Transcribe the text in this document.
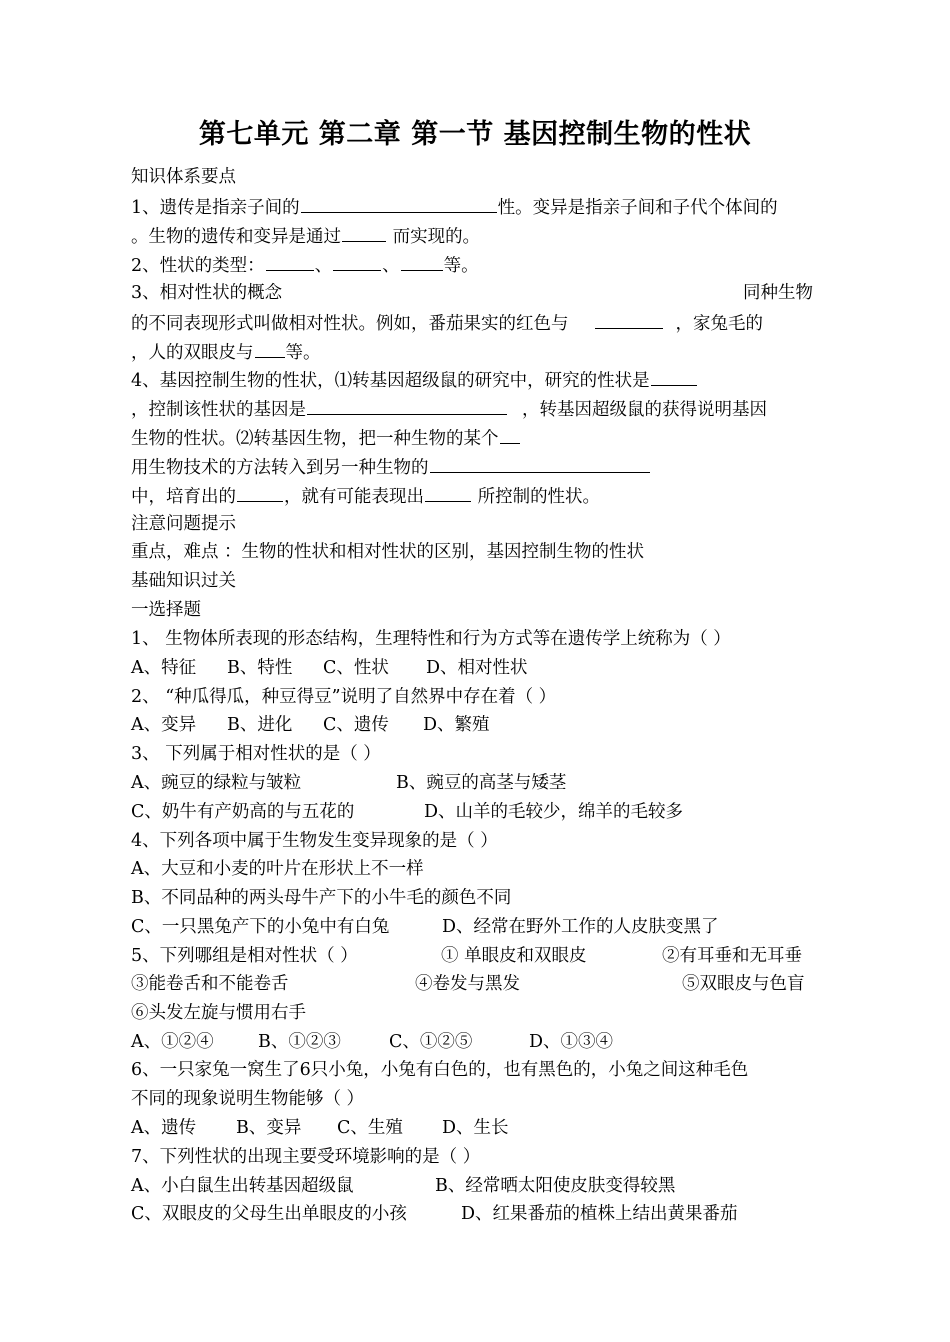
第七单元 第二章 第一节 基因控制生物的性状
知识体系要点
1、遗传是指亲子间的	性。变异是指亲子间和子代个体间的
。生物的遗传和变异是通过	而实现的。
2、性状的类型：	、	、	等。
3、相对性状的概念	同种生物
的不同表现形式叫做相对性状。例如，番茄果实的红色与	，家兔毛的
，人的双眼皮与 等。
4、基因控制生物的性状，⑴转基因超级鼠的研究中，研究的性状是
，控制该性状的基因是	，转基因超级鼠的获得说明基因
生物的性状。⑵转基因生物，把一种生物的某个
用生物技术的方法转入到另一种生物的
中，培育出的	，就有可能表现出	所控制的性状。
注意问题提示
重点，难点 ：生物的性状和相对性状的区别，基因控制生物的性状
基础知识过关
一选择题
1、 生物体所表现的形态结构，生理特性和行为方式等在遗传学上统称为（ ）
A、特征 B、特性 C、性状 D、相对性状
2、 “种瓜得瓜，种豆得豆”说明了自然界中存在着（ ）
A、变异 B、进化 C、遗传 D、繁殖
3、 下列属于相对性状的是（ ）
A、豌豆的绿粒与皱粒	B、豌豆的高茎与矮茎
C、奶牛有产奶高的与五花的	D、山羊的毛较少，绵羊的毛较多
4、下列各项中属于生物发生变异现象的是（ ）
A、大豆和小麦的叶片在形状上不一样
B、不同品种的两头母牛产下的小牛毛的颜色不同
C、一只黑兔产下的小兔中有白兔	D、经常在野外工作的人皮肤变黑了
5、下列哪组是相对性状（ ）	① 单眼皮和双眼皮	②有耳垂和无耳垂
③能卷舌和不能卷舌	④卷发与黑发	⑤双眼皮与色盲
⑥头发左旋与惯用右手
A、①②④	B、①②③	C、①②⑤	D、①③④
6、一只家兔一窝生了6只小兔，小兔有白色的，也有黑色的，小兔之间这种毛色
不同的现象说明生物能够（ ）
A、遗传 B、变异 C、生殖 D、生长
7、下列性状的出现主要受环境影响的是（ ）
A、小白鼠生出转基因超级鼠	B、经常晒太阳使皮肤变得较黑
C、双眼皮的父母生出单眼皮的小孩	D、红果番茄的植株上结出黄果番茄
